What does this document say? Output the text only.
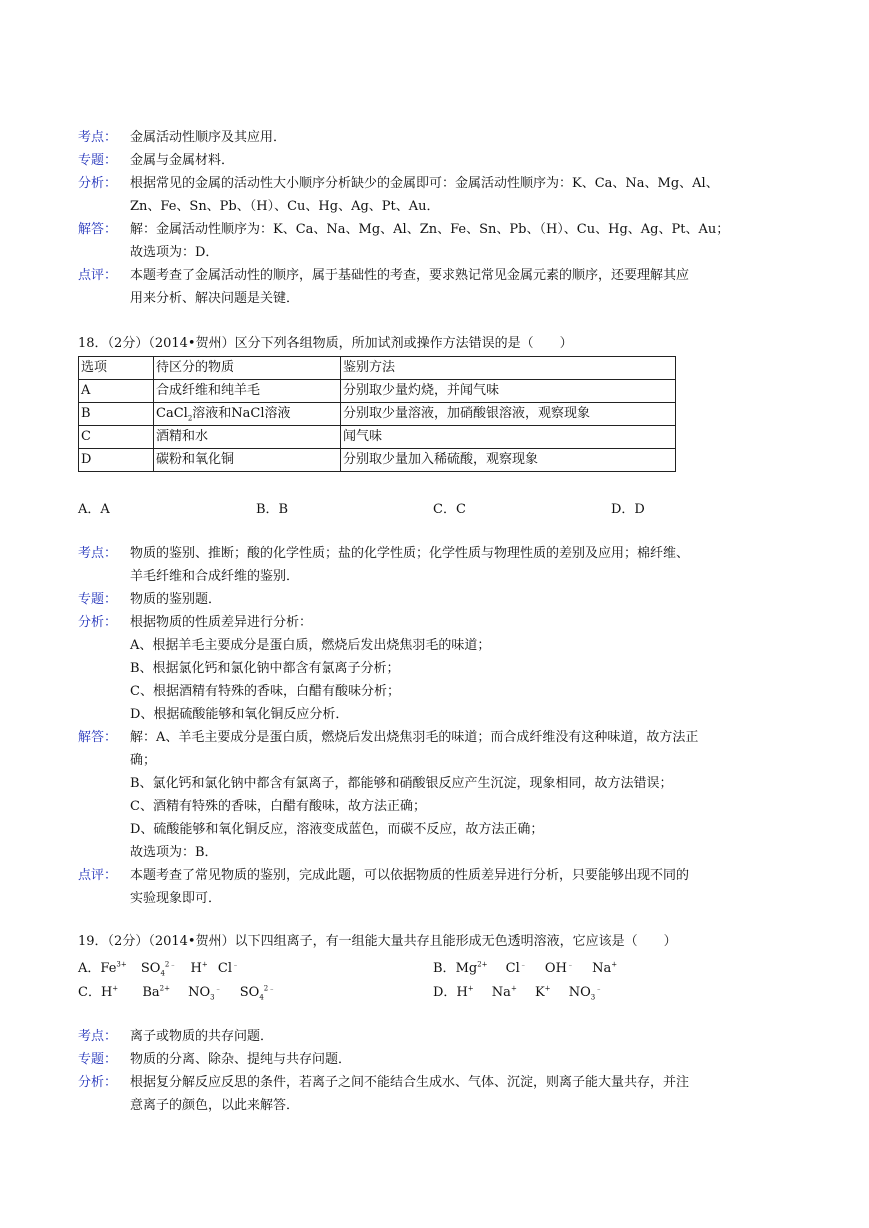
考点： 金属活动性顺序及其应用．
专题： 金属与金属材料．
分析： 根据常见的金属的活动性大小顺序分析缺少的金属即可：金属活动性顺序为：K、Ca、Na、Mg、Al、
Zn、Fe、Sn、Pb、（H）、Cu、Hg、Ag、Pt、Au．
解答： 解：金属活动性顺序为：K、Ca、Na、Mg、Al、Zn、Fe、Sn、Pb、（H）、Cu、Hg、Ag、Pt、Au；
故选项为：D．
点评： 本题考查了金属活动性的顺序，属于基础性的考查，要求熟记常见金属元素的顺序，还要理解其应
用来分析、解决问题是关键．
18．（2分）（2014•贺州）区分下列各组物质，所加试剂或操作方法错误的是（　　）
选项	待区分的物质	鉴别方法
A	合成纤维和纯羊毛	分别取少量灼烧，并闻气味
B	CaCl$_2$溶液和NaCl溶液	分别取少量溶液，加硝酸银溶液，观察现象
C	酒精和水	闻气味
D	碳粉和氧化铜	分别取少量加入稀硫酸，观察现象
A．A	B．B	C．C	D．D
考点： 物质的鉴别、推断；酸的化学性质；盐的化学性质；化学性质与物理性质的差别及应用；棉纤维、
羊毛纤维和合成纤维的鉴别．
专题： 物质的鉴别题．
分析： 根据物质的性质差异进行分析：
A、根据羊毛主要成分是蛋白质，燃烧后发出烧焦羽毛的味道；
B、根据氯化钙和氯化钠中都含有氯离子分析；
C、根据酒精有特殊的香味，白醋有酸味分析；
D、根据硫酸能够和氧化铜反应分析．
解答： 解：A、羊毛主要成分是蛋白质，燃烧后发出烧焦羽毛的味道；而合成纤维没有这种味道，故方法正
确；
B、氯化钙和氯化钠中都含有氯离子，都能够和硝酸银反应产生沉淀，现象相同，故方法错误；
C、酒精有特殊的香味，白醋有酸味，故方法正确；
D、硫酸能够和氧化铜反应，溶液变成蓝色，而碳不反应，故方法正确；
故选项为：B．
点评： 本题考查了常见物质的鉴别，完成此题，可以依据物质的性质差异进行分析，只要能够出现不同的
实验现象即可．
19．（2分）（2014•贺州）以下四组离子，有一组能大量共存且能形成无色透明溶液，它应该是（　　）
A．$Fe^{3+}$ $SO_4^{2﹣}$ H+ Cl﹣	B．$Mg^{2+}$ Cl﹣ OH﹣ Na+
C．H+ $Ba^{2+}$ $NO_3^﹣$ $SO_4^{2﹣}$	D．H+ Na+ K+ $NO_3^﹣$
考点： 离子或物质的共存问题．
专题： 物质的分离、除杂、提纯与共存问题．
分析： 根据复分解反应反思的条件，若离子之间不能结合生成水、气体、沉淀，则离子能大量共存，并注
意离子的颜色，以此来解答．
